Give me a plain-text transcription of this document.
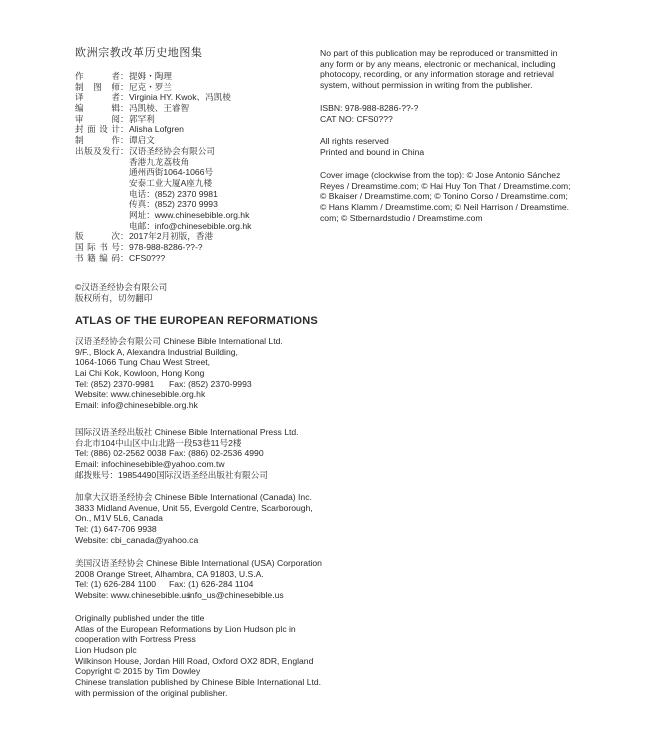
欧洲宗教改革历史地图集
作	者 ： 提姆・陶理
制 图 师 ： 尼克・罗兰
译	者 ： Virginia HY. Kwok、冯凯棱
编	辑 ： 冯凯棱、王睿智
审	阅 ： 郭罕利
封 面 设 计 ： Alisha Lofgren
制	作 ： 谭启文
出 版 及 发 行 ： 汉语圣经协会有限公司
香港九龙荔枝角
通州西街1064-1066号
安泰工业大厦A座九楼
电话：(852) 2370 9981
传真：(852) 2370 9993
网址：www.chinesebible.org.hk
电邮：info@chinesebible.org.hk
版	次 ： 2017年2月初版，香港
国 际 书 号 ： 978-988-8286-??-?
书 籍 编 码 ： CFS0???
©汉语圣经协会有限公司
版权所有，切勿翻印
ATLAS OF THE EUROPEAN REFORMATIONS
汉语圣经协会有限公司 Chinese Bible International Ltd.
9/F., Block A, Alexandra Industrial Building,
1064-1066 Tung Chau West Street,
Lai Chi Kok, Kowloon, Hong Kong
Tel: (852) 2370-9981	Fax: (852) 2370-9993
Website: www.chinesebible.org.hk
Email: info@chinesebible.org.hk
国际汉语圣经出版社 Chinese Bible International Press Ltd.
台北市104中山区中山北路一段53巷11号2楼
Tel: (886) 02-2562 0038 Fax: (886) 02-2536 4990
Email: infochinesebible@yahoo.com.tw
邮拨账号：19854490国际汉语圣经出版社有限公司
加拿大汉语圣经协会 Chinese Bible International (Canada) Inc.
3833 Midland Avenue, Unit 55, Evergold Centre, Scarborough,
On., M1V 5L6, Canada
Tel: (1) 647-706 9938
Website: cbi_canada@yahoo.ca
美国汉语圣经协会 Chinese Bible International (USA) Corporation
2008 Orange Street, Alhambra, CA 91803, U.S.A.
Tel: (1) 626-284 1100	Fax: (1) 626-284 1104
Website: www.chinesebible.us
info_us@chinesebible.us
Originally published under the title
Atlas of the European Reformations by Lion Hudson plc in
cooperation with Fortress Press
Lion Hudson plc
Wilkinson House, Jordan Hill Road, Oxford OX2 8DR, England
Copyright © 2015 by Tim Dowley
Chinese translation published by Chinese Bible International Ltd.
with permission of the original publisher.
No part of this publication may be reproduced or transmitted in
any form or by any means, electronic or mechanical, including
photocopy, recording, or any information storage and retrieval
system, without permission in writing from the publisher.
ISBN: 978-988-8286-??-?
CAT NO: CFS0???
All rights reserved
Printed and bound in China
Cover image (clockwise from the top): © Jose Antonio Sánchez
Reyes / Dreamstime.com; © Hai Huy Ton That / Dreamstime.com;
© Bkaiser / Dreamstime.com; © Tonino Corso / Dreamstime.com;
© Hans Klamm / Dreamstime.com; © Neil Harrison / Dreamstime.
com; © Stbernardstudio / Dreamstime.com
